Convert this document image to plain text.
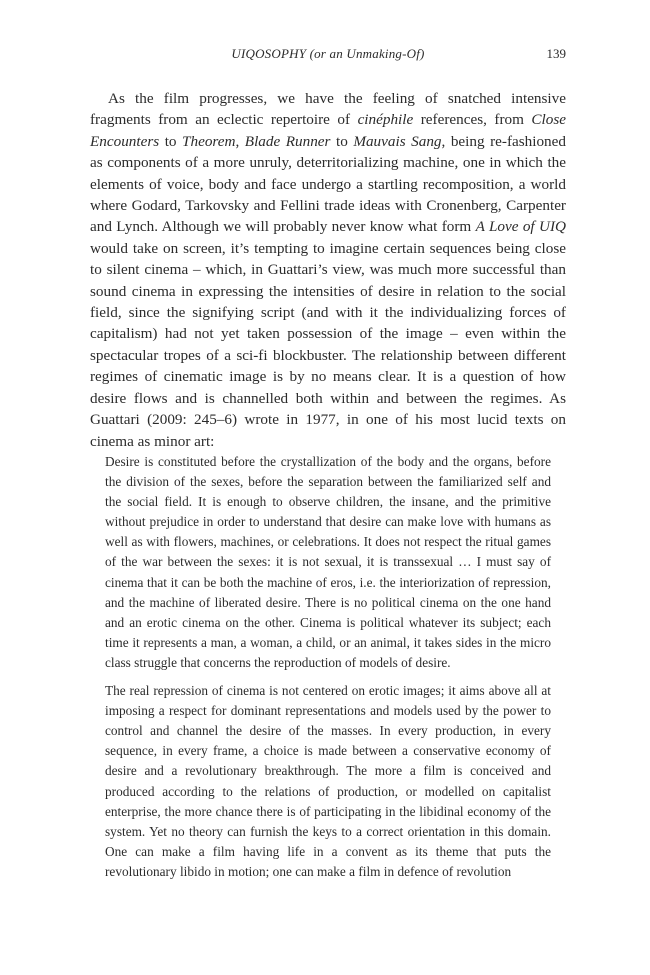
UIQOSOPHY (or an Unmaking-Of)	139

As the film progresses, we have the feeling of snatched intensive fragments from an eclectic repertoire of cinéphile references, from Close Encounters to Theorem, Blade Runner to Mauvais Sang, being re-fashioned as components of a more unruly, deterritorializing machine, one in which the elements of voice, body and face undergo a startling recomposition, a world where Godard, Tarkovsky and Fellini trade ideas with Cronenberg, Carpenter and Lynch. Although we will probably never know what form A Love of UIQ would take on screen, it’s tempting to imagine certain sequences being close to silent cinema – which, in Guattari’s view, was much more successful than sound cinema in expressing the intensities of desire in relation to the social field, since the signifying script (and with it the individualizing forces of capitalism) had not yet taken possession of the image – even within the spectacular tropes of a sci-fi blockbuster. The relationship between different regimes of cinematic image is by no means clear. It is a question of how desire flows and is channelled both within and between the regimes. As Guattari (2009: 245–6) wrote in 1977, in one of his most lucid texts on cinema as minor art:

Desire is constituted before the crystallization of the body and the organs, before the division of the sexes, before the separation between the familiarized self and the social field. It is enough to observe children, the insane, and the primitive without prejudice in order to understand that desire can make love with humans as well as with flowers, machines, or celebrations. It does not respect the ritual games of the war between the sexes: it is not sexual, it is transsexual … I must say of cinema that it can be both the machine of eros, i.e. the interiorization of repression, and the machine of liberated desire. There is no political cinema on the one hand and an erotic cinema on the other. Cinema is political whatever its subject; each time it represents a man, a woman, a child, or an animal, it takes sides in the micro class struggle that concerns the reproduction of models of desire.

The real repression of cinema is not centered on erotic images; it aims above all at imposing a respect for dominant representations and models used by the power to control and channel the desire of the masses. In every production, in every sequence, in every frame, a choice is made between a conservative economy of desire and a revolutionary breakthrough. The more a film is conceived and produced according to the relations of production, or modelled on capitalist enterprise, the more chance there is of participating in the libidinal economy of the system. Yet no theory can furnish the keys to a correct orientation in this domain. One can make a film having life in a convent as its theme that puts the revolutionary libido in motion; one can make a film in defence of revolution
